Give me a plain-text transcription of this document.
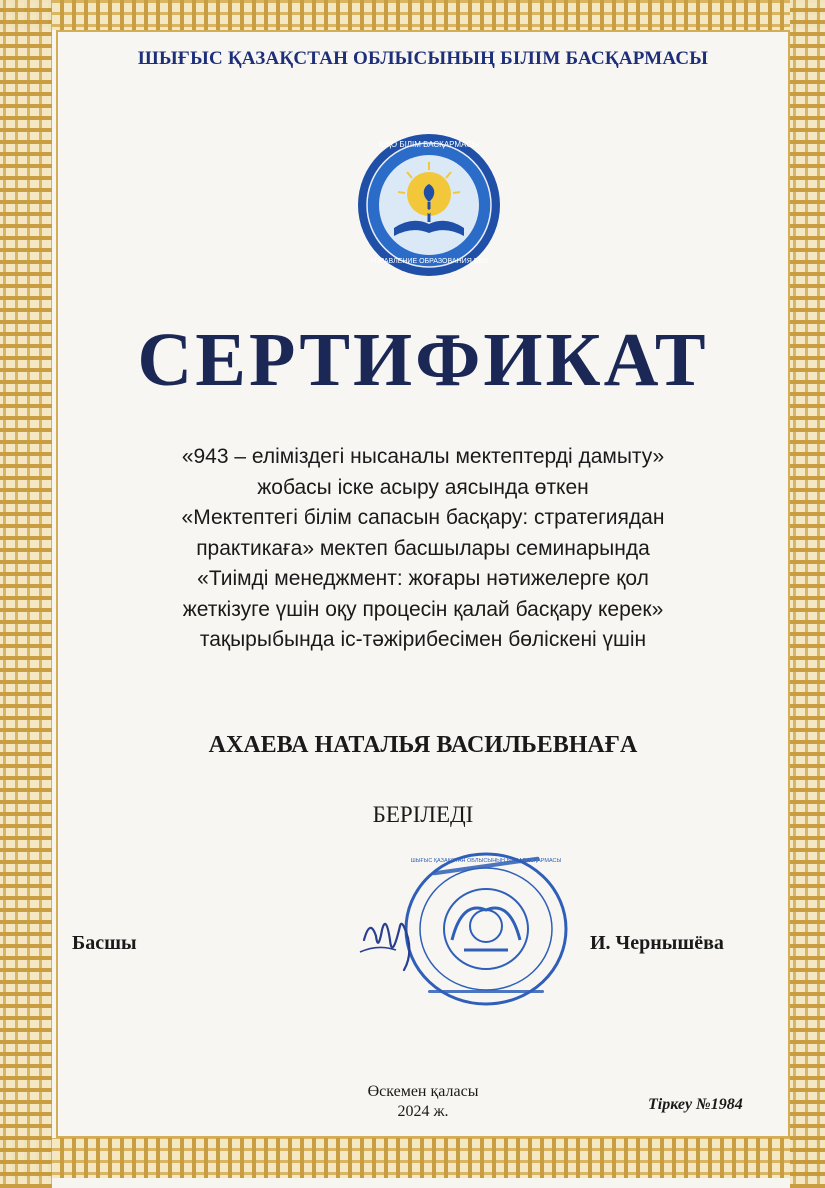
ШЫҒЫС ҚАЗАҚСТАН ОБЛЫСЫНЫҢ БІЛІМ БАСҚАРМАСЫ
ШҚО БІЛІМ БАСҚАРМАСЫ
УПРАВЛЕНИЕ ОБРАЗОВАНИЯ ВКО
СЕРТИФИКАТ
«943 – еліміздегі нысаналы мектептерді дамыту»
жобасы іске асыру аясында өткен
«Мектептегі білім сапасын басқару: стратегиядан
практикаға» мектеп басшылары семинарында
«Тиімді менеджмент: жоғары нәтижелерге қол
жеткізуге үшін оқу процесін қалай басқару керек»
тақырыбында іс-тәжірибесімен бөліскені үшін
АХАЕВА НАТАЛЬЯ ВАСИЛЬЕВНАҒА
БЕРІЛЕДІ
ШЫҒЫС ҚАЗАҚСТАН ОБЛЫСЫНЫҢ БІЛІМ БАСҚАРМАСЫ
Басшы	И. Чернышёва
Өскемен қаласы
2024 ж.	Тіркеу №1984
